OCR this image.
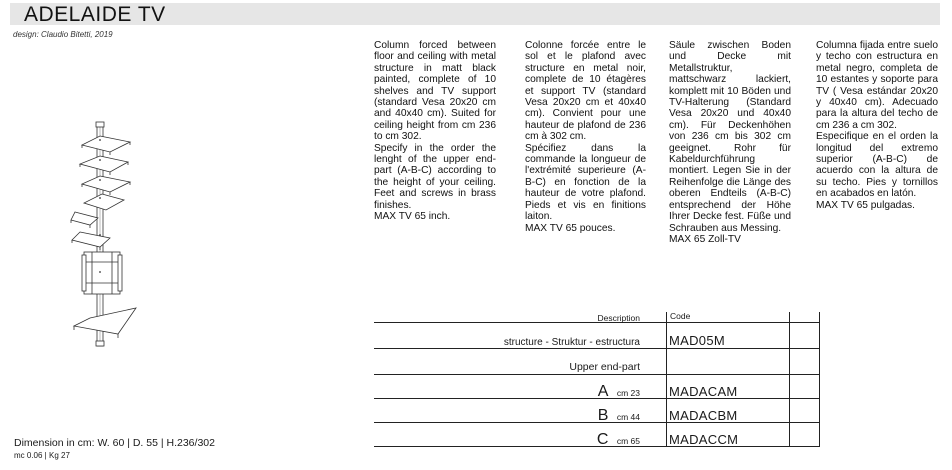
ADELAIDE TV
design: Claudio Bitetti, 2019

Column forced between floor and ceiling with metal structure in matt black painted, complete of 10 shelves and TV support (standard Vesa 20x20 cm and 40x40 cm). Suited for ceiling height from cm 236 to cm 302.

Specify in the order the lenght of the upper end-part (A-B-C) according to the height of your ceiling. Feet and screws in brass finishes.

MAX TV 65 inch.

Colonne forcée entre le sol et le plafond avec structure en metal noir, complete de 10 étagères et support TV (standard Vesa 20x20 cm et 40x40 cm). Convient pour une hauteur de plafond de 236 cm à 302 cm.

Spécifiez dans la commande la longueur de l'extrémité superieure (A-B-C) en fonction de la hauteur de votre plafond. Pieds et vis en finitions laiton.

MAX TV 65 pouces.

Säule zwischen Boden und Decke mit Metallstruktur, mattschwarz lackiert, komplett mit 10 Böden und TV-Halterung (Standard Vesa 20x20 und 40x40 cm). Für Deckenhöhen von 236 cm bis 302 cm geeignet. Rohr für Kabeldurchführung montiert. Legen Sie in der Reihenfolge die Länge des oberen Endteils (A-B-C) entsprechend der Höhe Ihrer Decke fest. Füße und Schrauben aus Messing.

MAX 65 Zoll-TV

Columna fijada entre suelo y techo con estructura en metal negro, completa de 10 estantes y soporte para TV ( Vesa estándar 20x20 y 40x40 cm). Adecuado para la altura del techo de cm 236 a cm 302.

Especifique en el orden la longitud del extremo superior (A-B-C) de acuerdo con la altura de su techo. Pies y tornillos en acabados en latón.

MAX TV 65 pulgadas.

Description	Code
structure - Struktur - estructura MAD05M
Upper end-part
A cm 23 MADACAM
B cm 44 MADACBM
C cm 65 MADACCM
Dimension in cm: W. 60 | D. 55 | H.236/302
mc 0.06 | Kg 27
